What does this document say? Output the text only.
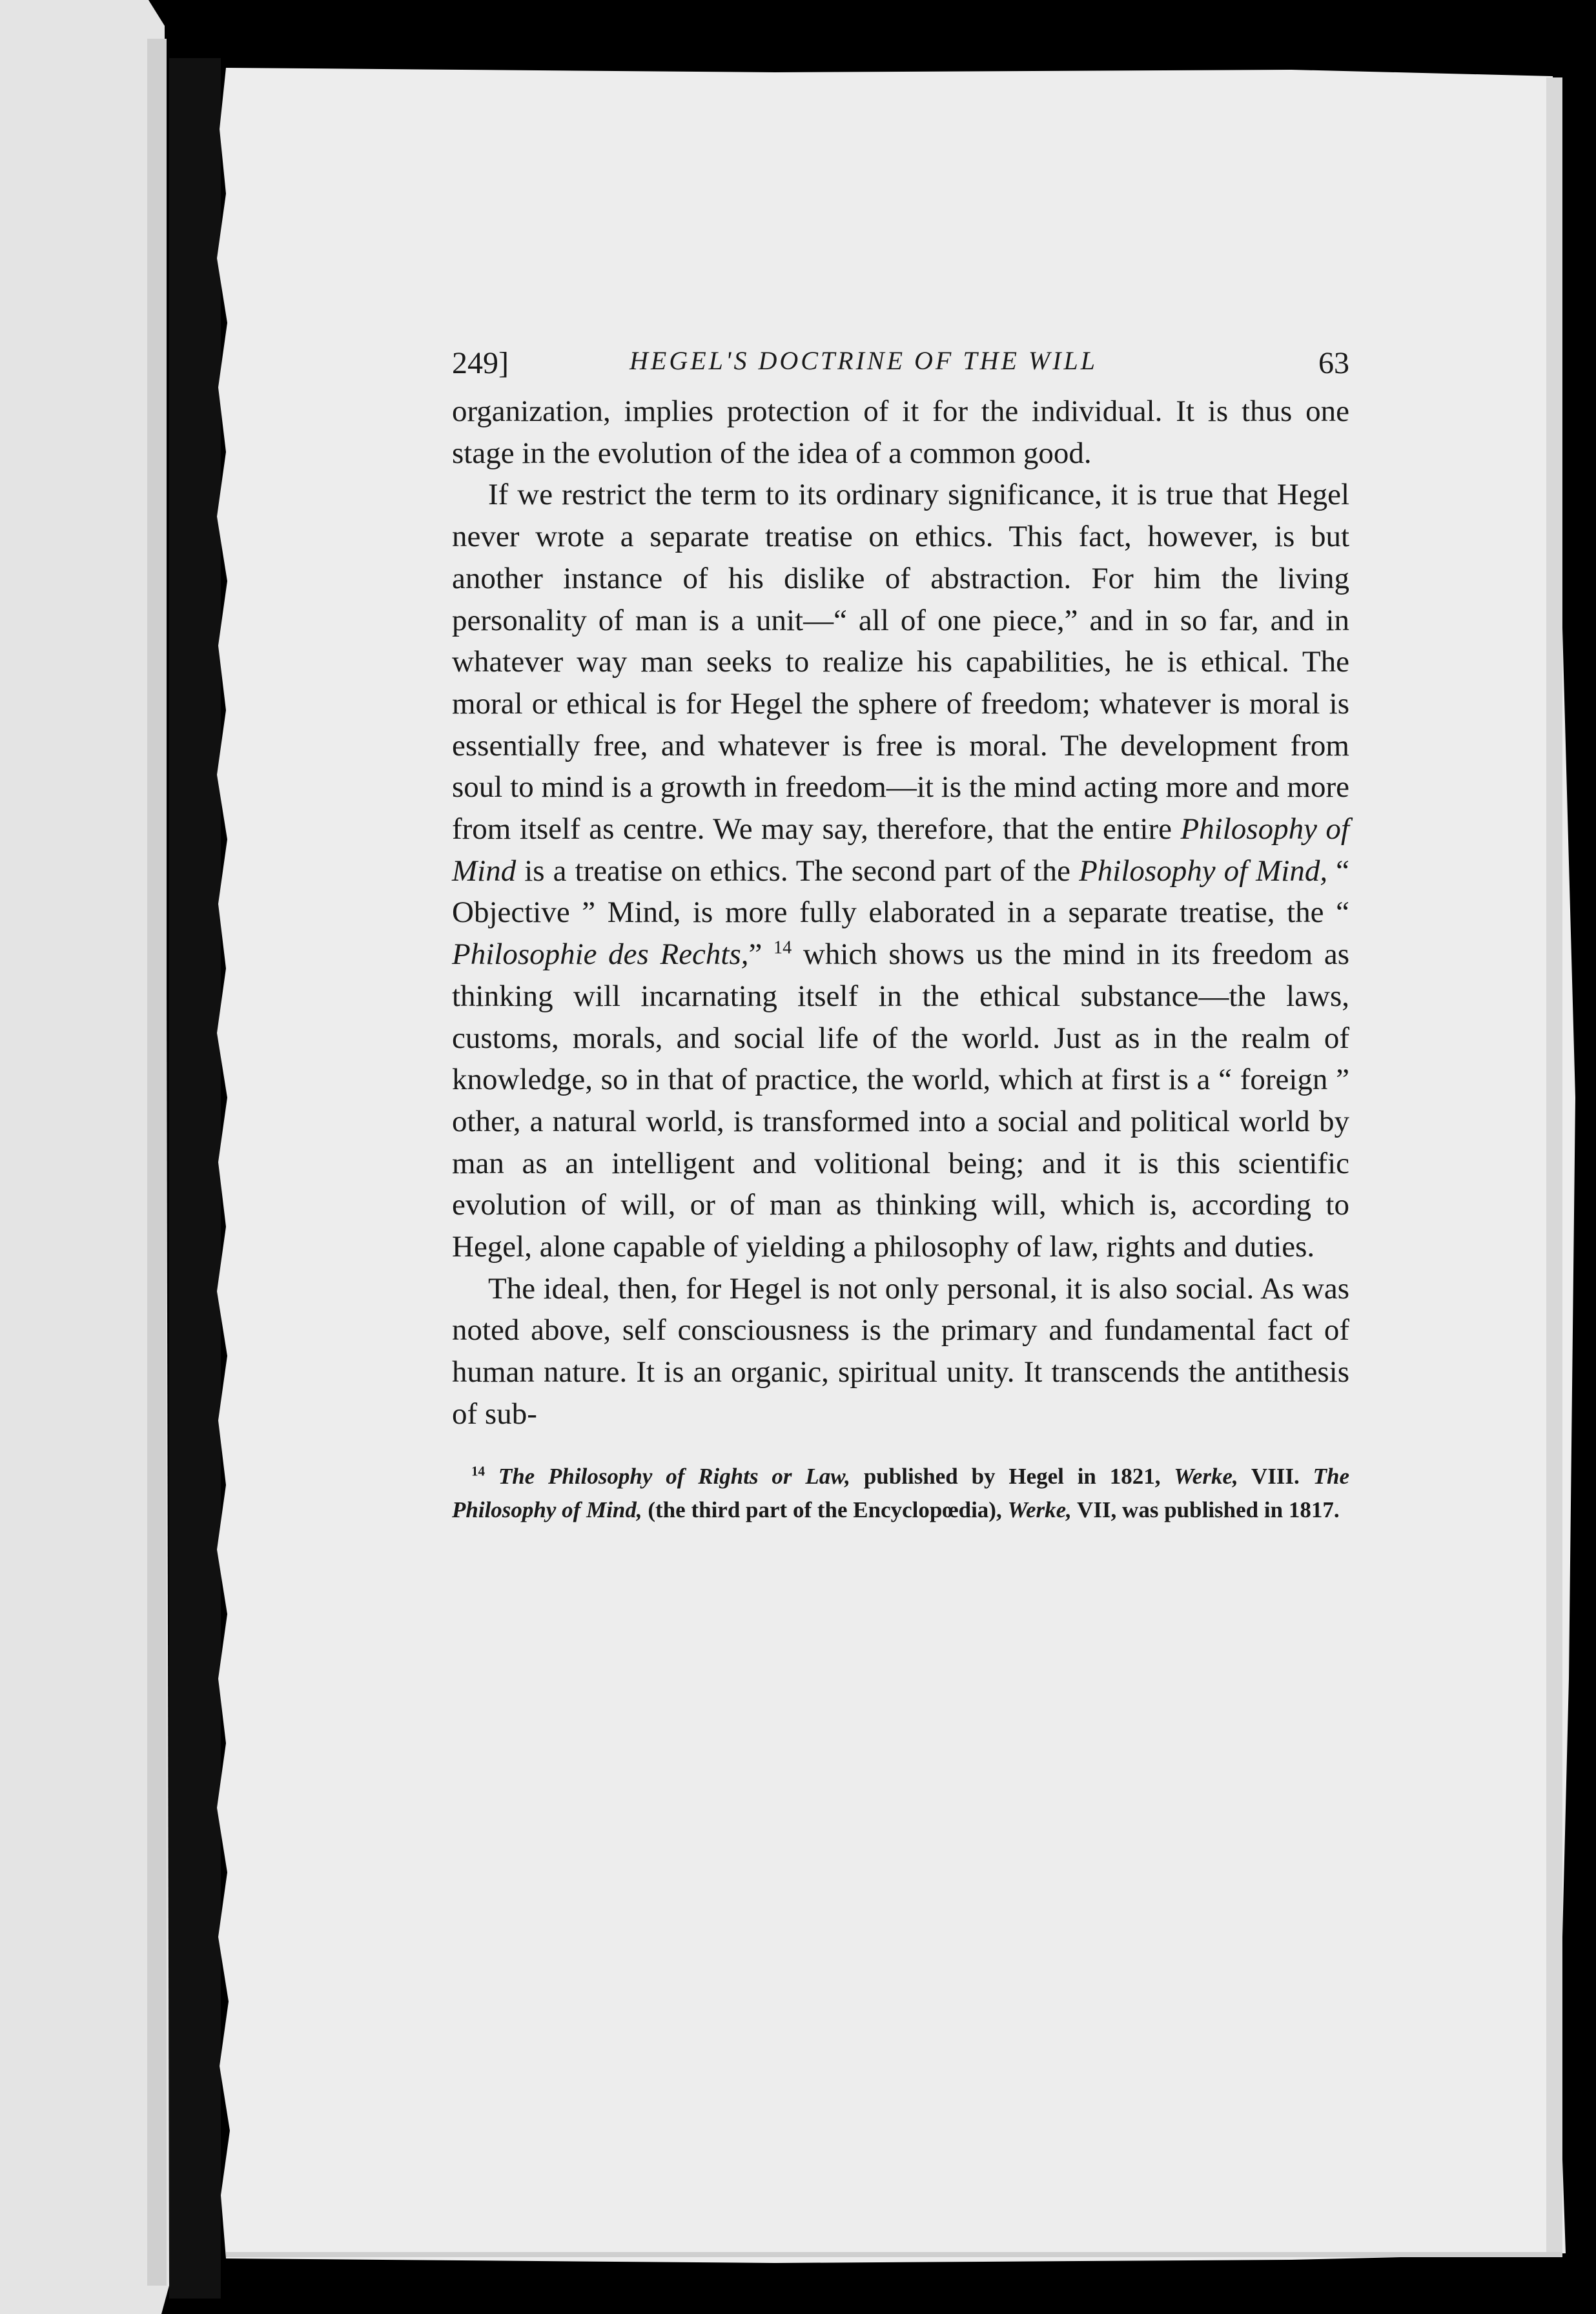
249]	HEGEL'S DOCTRINE OF THE WILL	63

organization, implies protection of it for the individual. It is thus one stage in the evolution of the idea of a common good.

If we restrict the term to its ordinary significance, it is true that Hegel never wrote a separate treatise on ethics. This fact, however, is but another instance of his dislike of abstraction. For him the living personality of man is a unit—“ all of one piece,” and in so far, and in whatever way man seeks to realize his capabilities, he is ethical. The moral or ethical is for Hegel the sphere of freedom; whatever is moral is essentially free, and whatever is free is moral. The development from soul to mind is a growth in freedom—it is the mind acting more and more from itself as centre. We may say, therefore, that the entire Philosophy of Mind is a treatise on ethics. The second part of the Philosophy of Mind, “ Objective ” Mind, is more fully elaborated in a separate treatise, the “ Philosophie des Rechts,” $^{14}$ which shows us the mind in its freedom as thinking will incarnating itself in the ethical substance—the laws, customs, morals, and social life of the world. Just as in the realm of knowledge, so in that of practice, the world, which at first is a “ foreign ” other, a natural world, is transformed into a social and political world by man as an intelligent and volitional being; and it is this scientific evolution of will, or of man as thinking will, which is, according to Hegel, alone capable of yielding a philosophy of law, rights and duties.

The ideal, then, for Hegel is not only personal, it is also social. As was noted above, self consciousness is the primary and fundamental fact of human nature. It is an organic, spiritual unity. It transcends the antithesis of sub-

$^{14}$ The Philosophy of Rights or Law, published by Hegel in 1821, Werke, VIII. The Philosophy of Mind, (the third part of the Encyclopœdia), Werke, VII, was published in 1817.
